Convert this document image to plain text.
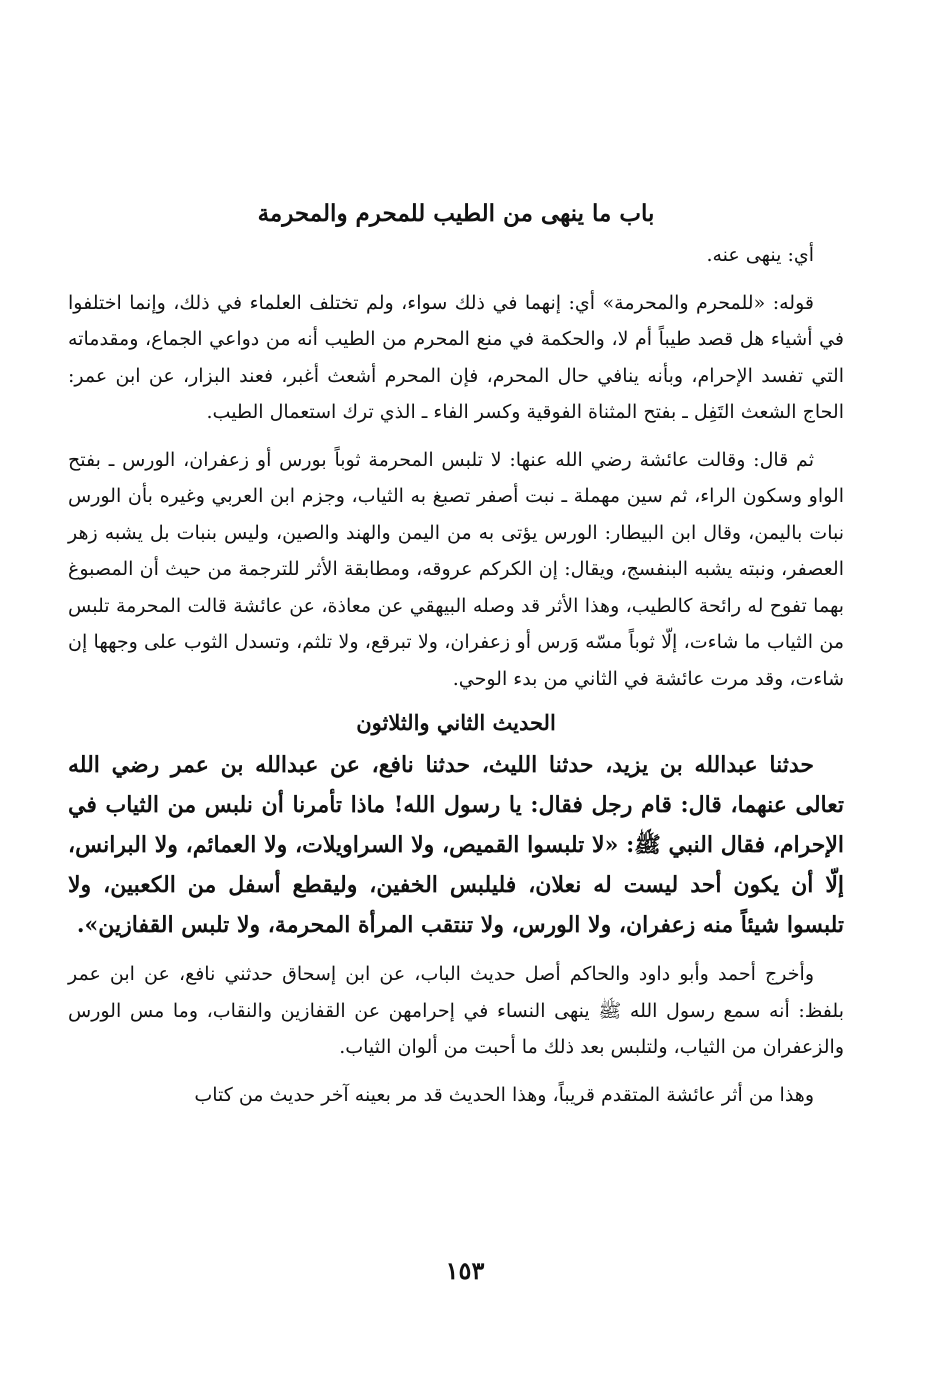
باب ما ينهى من الطيب للمحرم والمحرمة

أي: ينهى عنه.

قوله: «للمحرم والمحرمة» أي: إنهما في ذلك سواء، ولم تختلف العلماء في ذلك، وإنما اختلفوا في أشياء هل قصد طيباً أم لا، والحكمة في منع المحرم من الطيب أنه من دواعي الجماع، ومقدماته التي تفسد الإحرام، وبأنه ينافي حال المحرم، فإن المحرم أشعث أغبر، فعند البزار، عن ابن عمر: الحاج الشعث التَفِل ـ بفتح المثناة الفوقية وكسر الفاء ـ الذي ترك استعمال الطيب.

ثم قال: وقالت عائشة رضي الله عنها: لا تلبس المحرمة ثوباً بورس أو زعفران، الورس ـ بفتح الواو وسكون الراء، ثم سين مهملة ـ نبت أصفر تصبغ به الثياب، وجزم ابن العربي وغيره بأن الورس نبات باليمن، وقال ابن البيطار: الورس يؤتى به من اليمن والهند والصين، وليس بنبات بل يشبه زهر العصفر، ونبته يشبه البنفسج، ويقال: إن الكركم عروقه، ومطابقة الأثر للترجمة من حيث أن المصبوغ بهما تفوح له رائحة كالطيب، وهذا الأثر قد وصله البيهقي عن معاذة، عن عائشة قالت المحرمة تلبس من الثياب ما شاءت، إلّا ثوباً مسّه وَرس أو زعفران، ولا تبرقع، ولا تلثم، وتسدل الثوب على وجهها إن شاءت، وقد مرت عائشة في الثاني من بدء الوحي.

الحديث الثاني والثلاثون

حدثنا عبدالله بن يزيد، حدثنا الليث، حدثنا نافع، عن عبدالله بن عمر رضي الله تعالى عنهما، قال: قام رجل فقال: يا رسول الله! ماذا تأمرنا أن نلبس من الثياب في الإحرام، فقال النبي ﷺ: «لا تلبسوا القميص، ولا السراويلات، ولا العمائم، ولا البرانس، إلّا أن يكون أحد ليست له نعلان، فليلبس الخفين، وليقطع أسفل من الكعبين، ولا تلبسوا شيئاً منه زعفران، ولا الورس، ولا تنتقب المرأة المحرمة، ولا تلبس القفازين».

وأخرج أحمد وأبو داود والحاكم أصل حديث الباب، عن ابن إسحاق حدثني نافع، عن ابن عمر بلفظ: أنه سمع رسول الله ﷺ ينهى النساء في إحرامهن عن القفازين والنقاب، وما مس الورس والزعفران من الثياب، ولتلبس بعد ذلك ما أحبت من ألوان الثياب.

وهذا من أثر عائشة المتقدم قريباً، وهذا الحديث قد مر بعينه آخر حديث من كتاب

١٥٣
